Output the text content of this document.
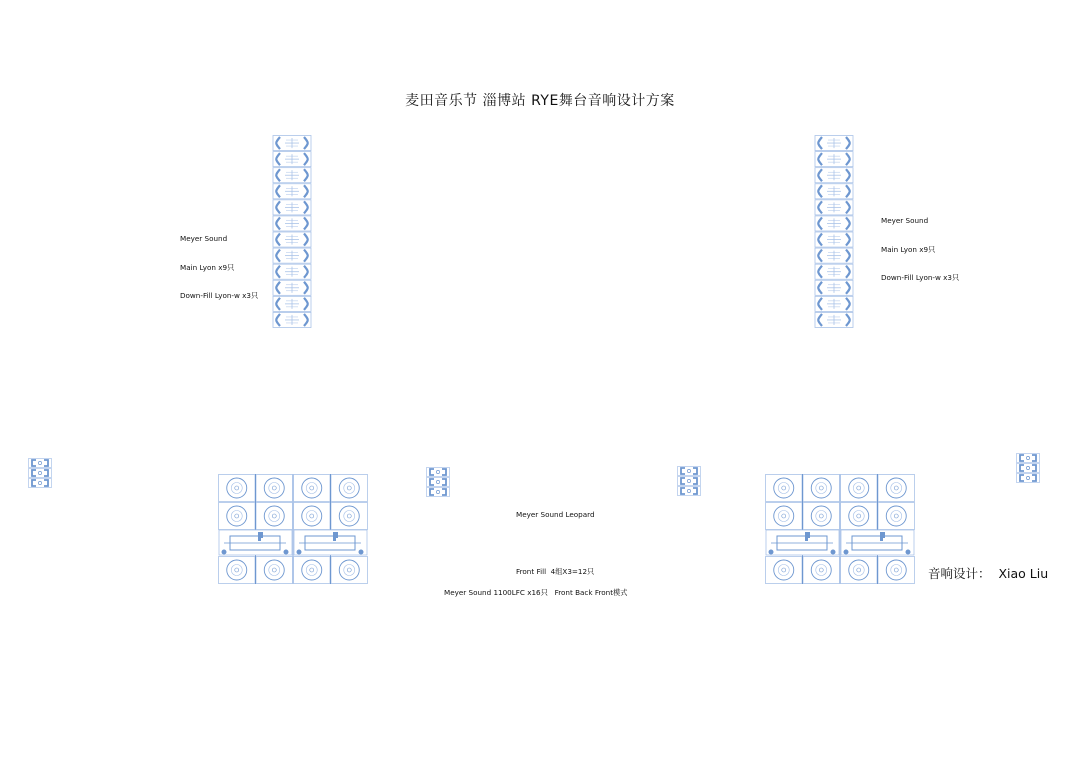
麦田音乐节 淄博站 RYE舞台音响设计方案

Meyer Sound

Main Lyon x9只

Down-Fill Lyon-w x3只

Meyer Sound

Main Lyon x9只

Down-Fill Lyon-w x3只

Meyer Sound Leopard

Front Fill  4组X3=12只

Meyer Sound 1100LFC x16只   Front Back Front模式
音响设计：  Xiao Liu
